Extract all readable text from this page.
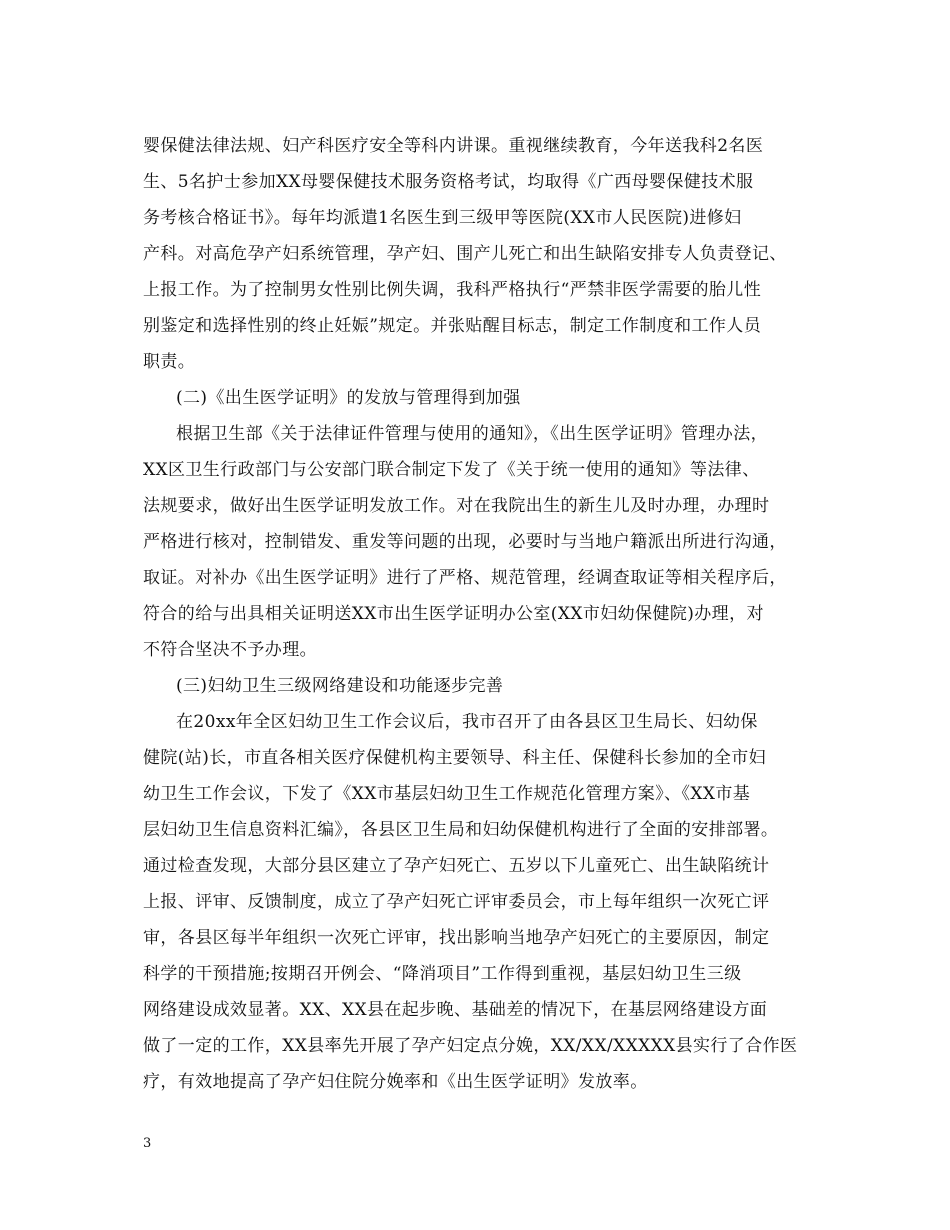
婴保健法律法规、妇产科医疗安全等科内讲课。重视继续教育，今年送我科2名医
生、5名护士参加XX母婴保健技术服务资格考试，均取得《广西母婴保健技术服
务考核合格证书》。每年均派遣1名医生到三级甲等医院(XX市人民医院)进修妇
产科。对高危孕产妇系统管理，孕产妇、围产儿死亡和出生缺陷安排专人负责登记、
上报工作。为了控制男女性别比例失调，我科严格执行“严禁非医学需要的胎儿性
别鉴定和选择性别的终止妊娠”规定。并张贴醒目标志，制定工作制度和工作人员
职责。
(二)《出生医学证明》的发放与管理得到加强
根据卫生部《关于法律证件管理与使用的通知》，《出生医学证明》管理办法，
XX区卫生行政部门与公安部门联合制定下发了《关于统一使用的通知》等法律、
法规要求，做好出生医学证明发放工作。对在我院出生的新生儿及时办理，办理时
严格进行核对，控制错发、重发等问题的出现，必要时与当地户籍派出所进行沟通，
取证。对补办《出生医学证明》进行了严格、规范管理，经调查取证等相关程序后，
符合的给与出具相关证明送XX市出生医学证明办公室(XX市妇幼保健院)办理，对
不符合坚决不予办理。
(三)妇幼卫生三级网络建设和功能逐步完善
在20xx年全区妇幼卫生工作会议后，我市召开了由各县区卫生局长、妇幼保
健院(站)长，市直各相关医疗保健机构主要领导、科主任、保健科长参加的全市妇
幼卫生工作会议，下发了《XX市基层妇幼卫生工作规范化管理方案》、《XX市基
层妇幼卫生信息资料汇编》，各县区卫生局和妇幼保健机构进行了全面的安排部署。
通过检查发现，大部分县区建立了孕产妇死亡、五岁以下儿童死亡、出生缺陷统计
上报、评审、反馈制度，成立了孕产妇死亡评审委员会，市上每年组织一次死亡评
审，各县区每半年组织一次死亡评审，找出影响当地孕产妇死亡的主要原因，制定
科学的干预措施;按期召开例会、“降消项目”工作得到重视，基层妇幼卫生三级
网络建设成效显著。XX、XX县在起步晚、基础差的情况下，在基层网络建设方面
做了一定的工作，XX县率先开展了孕产妇定点分娩，XX/XX/XXXXX县实行了合作医
疗，有效地提高了孕产妇住院分娩率和《出生医学证明》发放率。
3
